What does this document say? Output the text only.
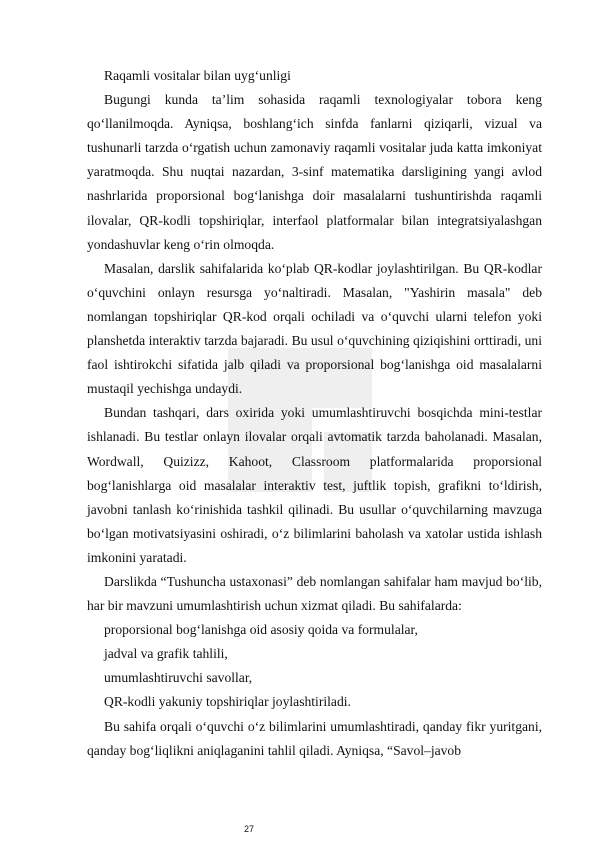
Raqamli vositalar bilan uyg‘unligi

Bugungi kunda ta’lim sohasida raqamli texnologiyalar tobora keng qo‘llanilmoqda. Ayniqsa, boshlang‘ich sinfda fanlarni qiziqarli, vizual va tushunarli tarzda o‘rgatish uchun zamonaviy raqamli vositalar juda katta imkoniyat yaratmoqda. Shu nuqtai nazardan, 3-sinf matematika darsligining yangi avlod nashrlarida proporsional bog‘lanishga doir masalalarni tushuntirishda raqamli ilovalar, QR-kodli topshiriqlar, interfaol platformalar bilan integratsiyalashgan yondashuvlar keng o‘rin olmoqda.

Masalan, darslik sahifalarida ko‘plab QR-kodlar joylashtirilgan. Bu QR-kodlar o‘quvchini onlayn resursga yo‘naltiradi. Masalan, "Yashirin masala" deb nomlangan topshiriqlar QR-kod orqali ochiladi va o‘quvchi ularni telefon yoki planshetda interaktiv tarzda bajaradi. Bu usul o‘quvchining qiziqishini orttiradi, uni faol ishtirokchi sifatida jalb qiladi va proporsional bog‘lanishga oid masalalarni mustaqil yechishga undaydi.

Bundan tashqari, dars oxirida yoki umumlashtiruvchi bosqichda mini-testlar ishlanadi. Bu testlar onlayn ilovalar orqali avtomatik tarzda baholanadi. Masalan, Wordwall, Quizizz, Kahoot, Classroom platformalarida proporsional bog‘lanishlarga oid masalalar interaktiv test, juftlik topish, grafikni to‘ldirish, javobni tanlash ko‘rinishida tashkil qilinadi. Bu usullar o‘quvchilarning mavzuga bo‘lgan motivatsiyasini oshiradi, o‘z bilimlarini baholash va xatolar ustida ishlash imkonini yaratadi.

Darslikda “Tushuncha ustaxonasi” deb nomlangan sahifalar ham mavjud bo‘lib, har bir mavzuni umumlashtirish uchun xizmat qiladi. Bu sahifalarda:

proporsional bog‘lanishga oid asosiy qoida va formulalar,

jadval va grafik tahlili,

umumlashtiruvchi savollar,

QR-kodli yakuniy topshiriqlar joylashtiriladi.

Bu sahifa orqali o‘quvchi o‘z bilimlarini umumlashtiradi, qanday fikr yuritgani, qanday bog‘liqlikni aniqlaganini tahlil qiladi. Ayniqsa, “Savol–javob

27
